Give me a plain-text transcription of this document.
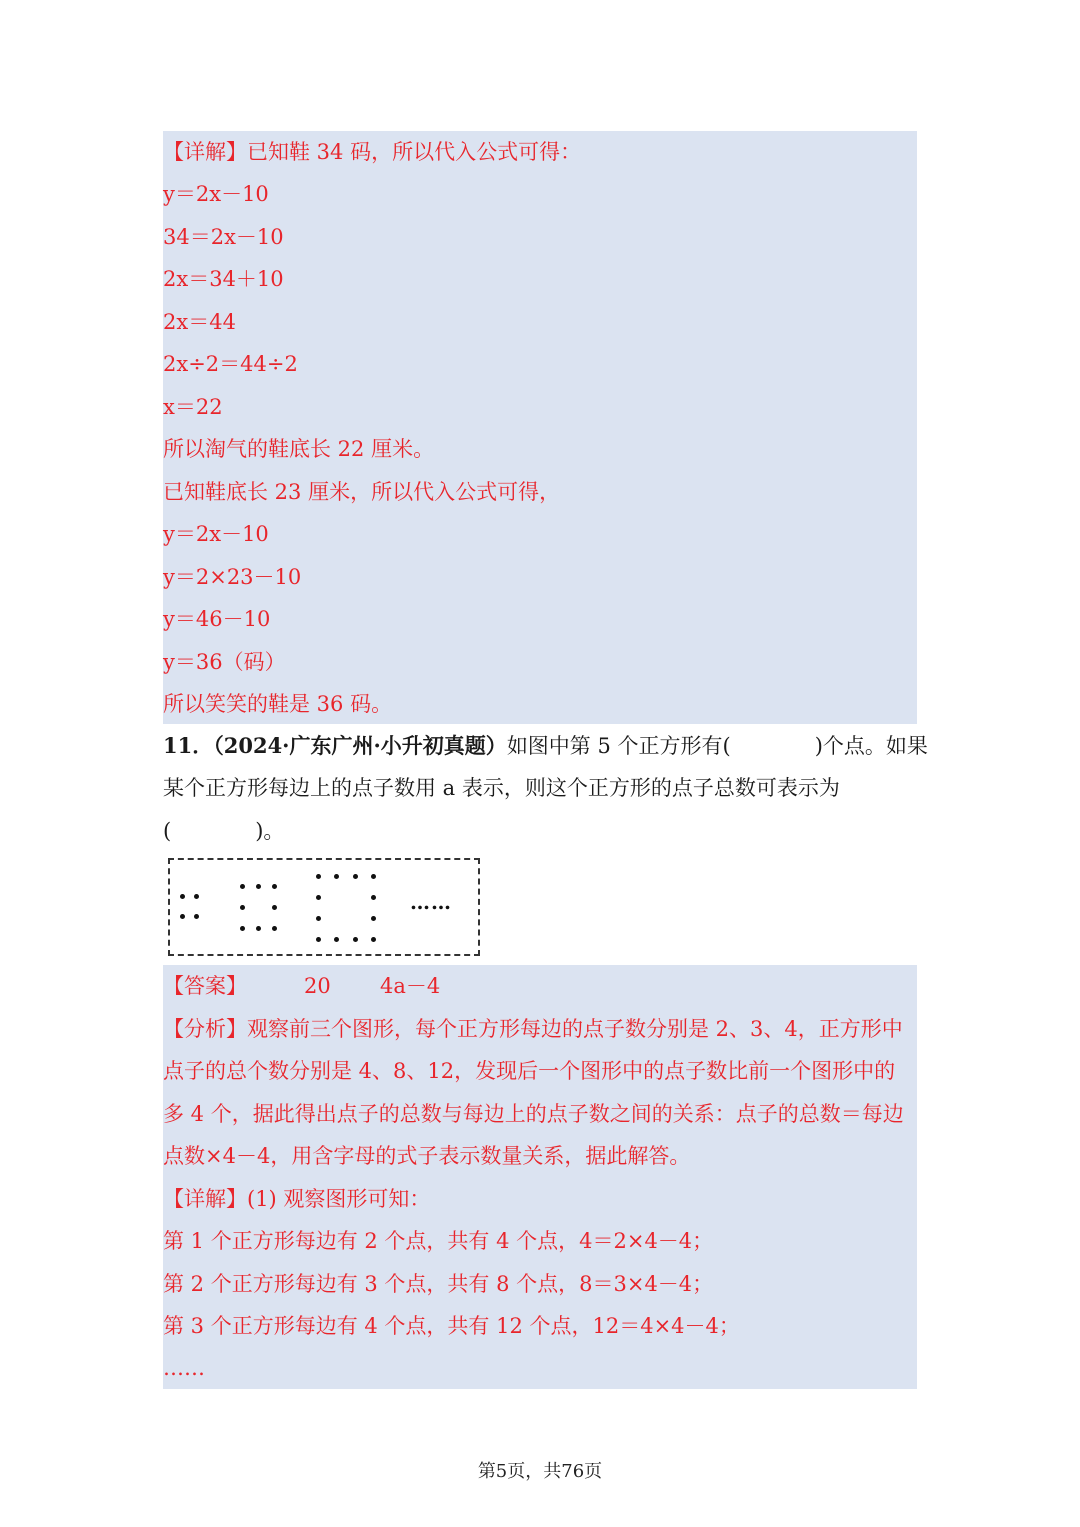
【详解】已知鞋 34 码，所以代入公式可得：
y＝2x－10
34＝2x－10
2x＝34＋10
2x＝44
2x÷2＝44÷2
x＝22
所以淘气的鞋底长 22 厘米。
已知鞋底长 23 厘米，所以代入公式可得，
y＝2x－10
y＝2×23－10
y＝46－10
y＝36（码）
所以笑笑的鞋是 36 码。
11．（2024·广东广州·小升初真题）如图中第 5 个正方形有(　　　　)个点。如果
某个正方形每边上的点子数用 a 表示，则这个正方形的点子总数可表示为
(　　　　)。
……
【答案】	20 4a－4
【分析】观察前三个图形，每个正方形每边的点子数分别是 2、3、4，正方形中
点子的总个数分别是 4、8、12，发现后一个图形中的点子数比前一个图形中的
多 4 个，据此得出点子的总数与每边上的点子数之间的关系：点子的总数＝每边
点数×4－4，用含字母的式子表示数量关系，据此解答。
【详解】(1) 观察图形可知：
第 1 个正方形每边有 2 个点，共有 4 个点，4＝2×4－4；
第 2 个正方形每边有 3 个点，共有 8 个点，8＝3×4－4；
第 3 个正方形每边有 4 个点，共有 12 个点，12＝4×4－4；
……
第5页，共76页
